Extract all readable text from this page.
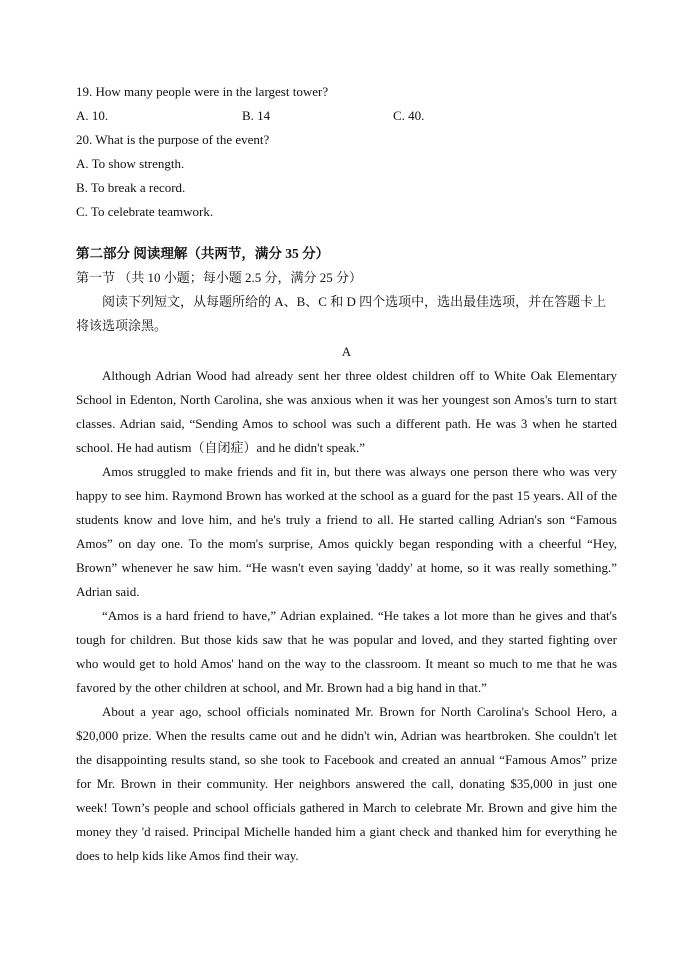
19. How many people were in the largest tower?
A. 10.	B. 14	C. 40.
20. What is the purpose of the event?
A. To show strength.
B. To break a record.
C. To celebrate teamwork.
第二部分 阅读理解（共两节，满分 35 分）
第一节 （共 10 小题；每小题 2.5 分，满分 25 分）

阅读下列短文，从每题所给的 A、B、C 和 D 四个选项中，选出最佳选项，并在答题卡上将该选项涂黑。

A

Although Adrian Wood had already sent her three oldest children off to White Oak Elementary School in Edenton, North Carolina, she was anxious when it was her youngest son Amos's turn to start classes. Adrian said, “Sending Amos to school was such a different path. He was 3 when he started school. He had autism（自闭症）and he didn't speak.”

Amos struggled to make friends and fit in, but there was always one person there who was very happy to see him. Raymond Brown has worked at the school as a guard for the past 15 years. All of the students know and love him, and he's truly a friend to all. He started calling Adrian's son “Famous Amos” on day one. To the mom's surprise, Amos quickly began responding with a cheerful “Hey, Brown” whenever he saw him. “He wasn't even saying 'daddy' at home, so it was really something.” Adrian said.

“Amos is a hard friend to have,” Adrian explained. “He takes a lot more than he gives and that's tough for children. But those kids saw that he was popular and loved, and they started fighting over who would get to hold Amos' hand on the way to the classroom. It meant so much to me that he was favored by the other children at school, and Mr. Brown had a big hand in that.”

About a year ago, school officials nominated Mr. Brown for North Carolina's School Hero, a $20,000 prize. When the results came out and he didn't win, Adrian was heartbroken. She couldn't let the disappointing results stand, so she took to Facebook and created an annual “Famous Amos” prize for Mr. Brown in their community. Her neighbors answered the call, donating $35,000 in just one week! Town’s people and school officials gathered in March to celebrate Mr. Brown and give him the money they 'd raised. Principal Michelle handed him a giant check and thanked him for everything he does to help kids like Amos find their way.
